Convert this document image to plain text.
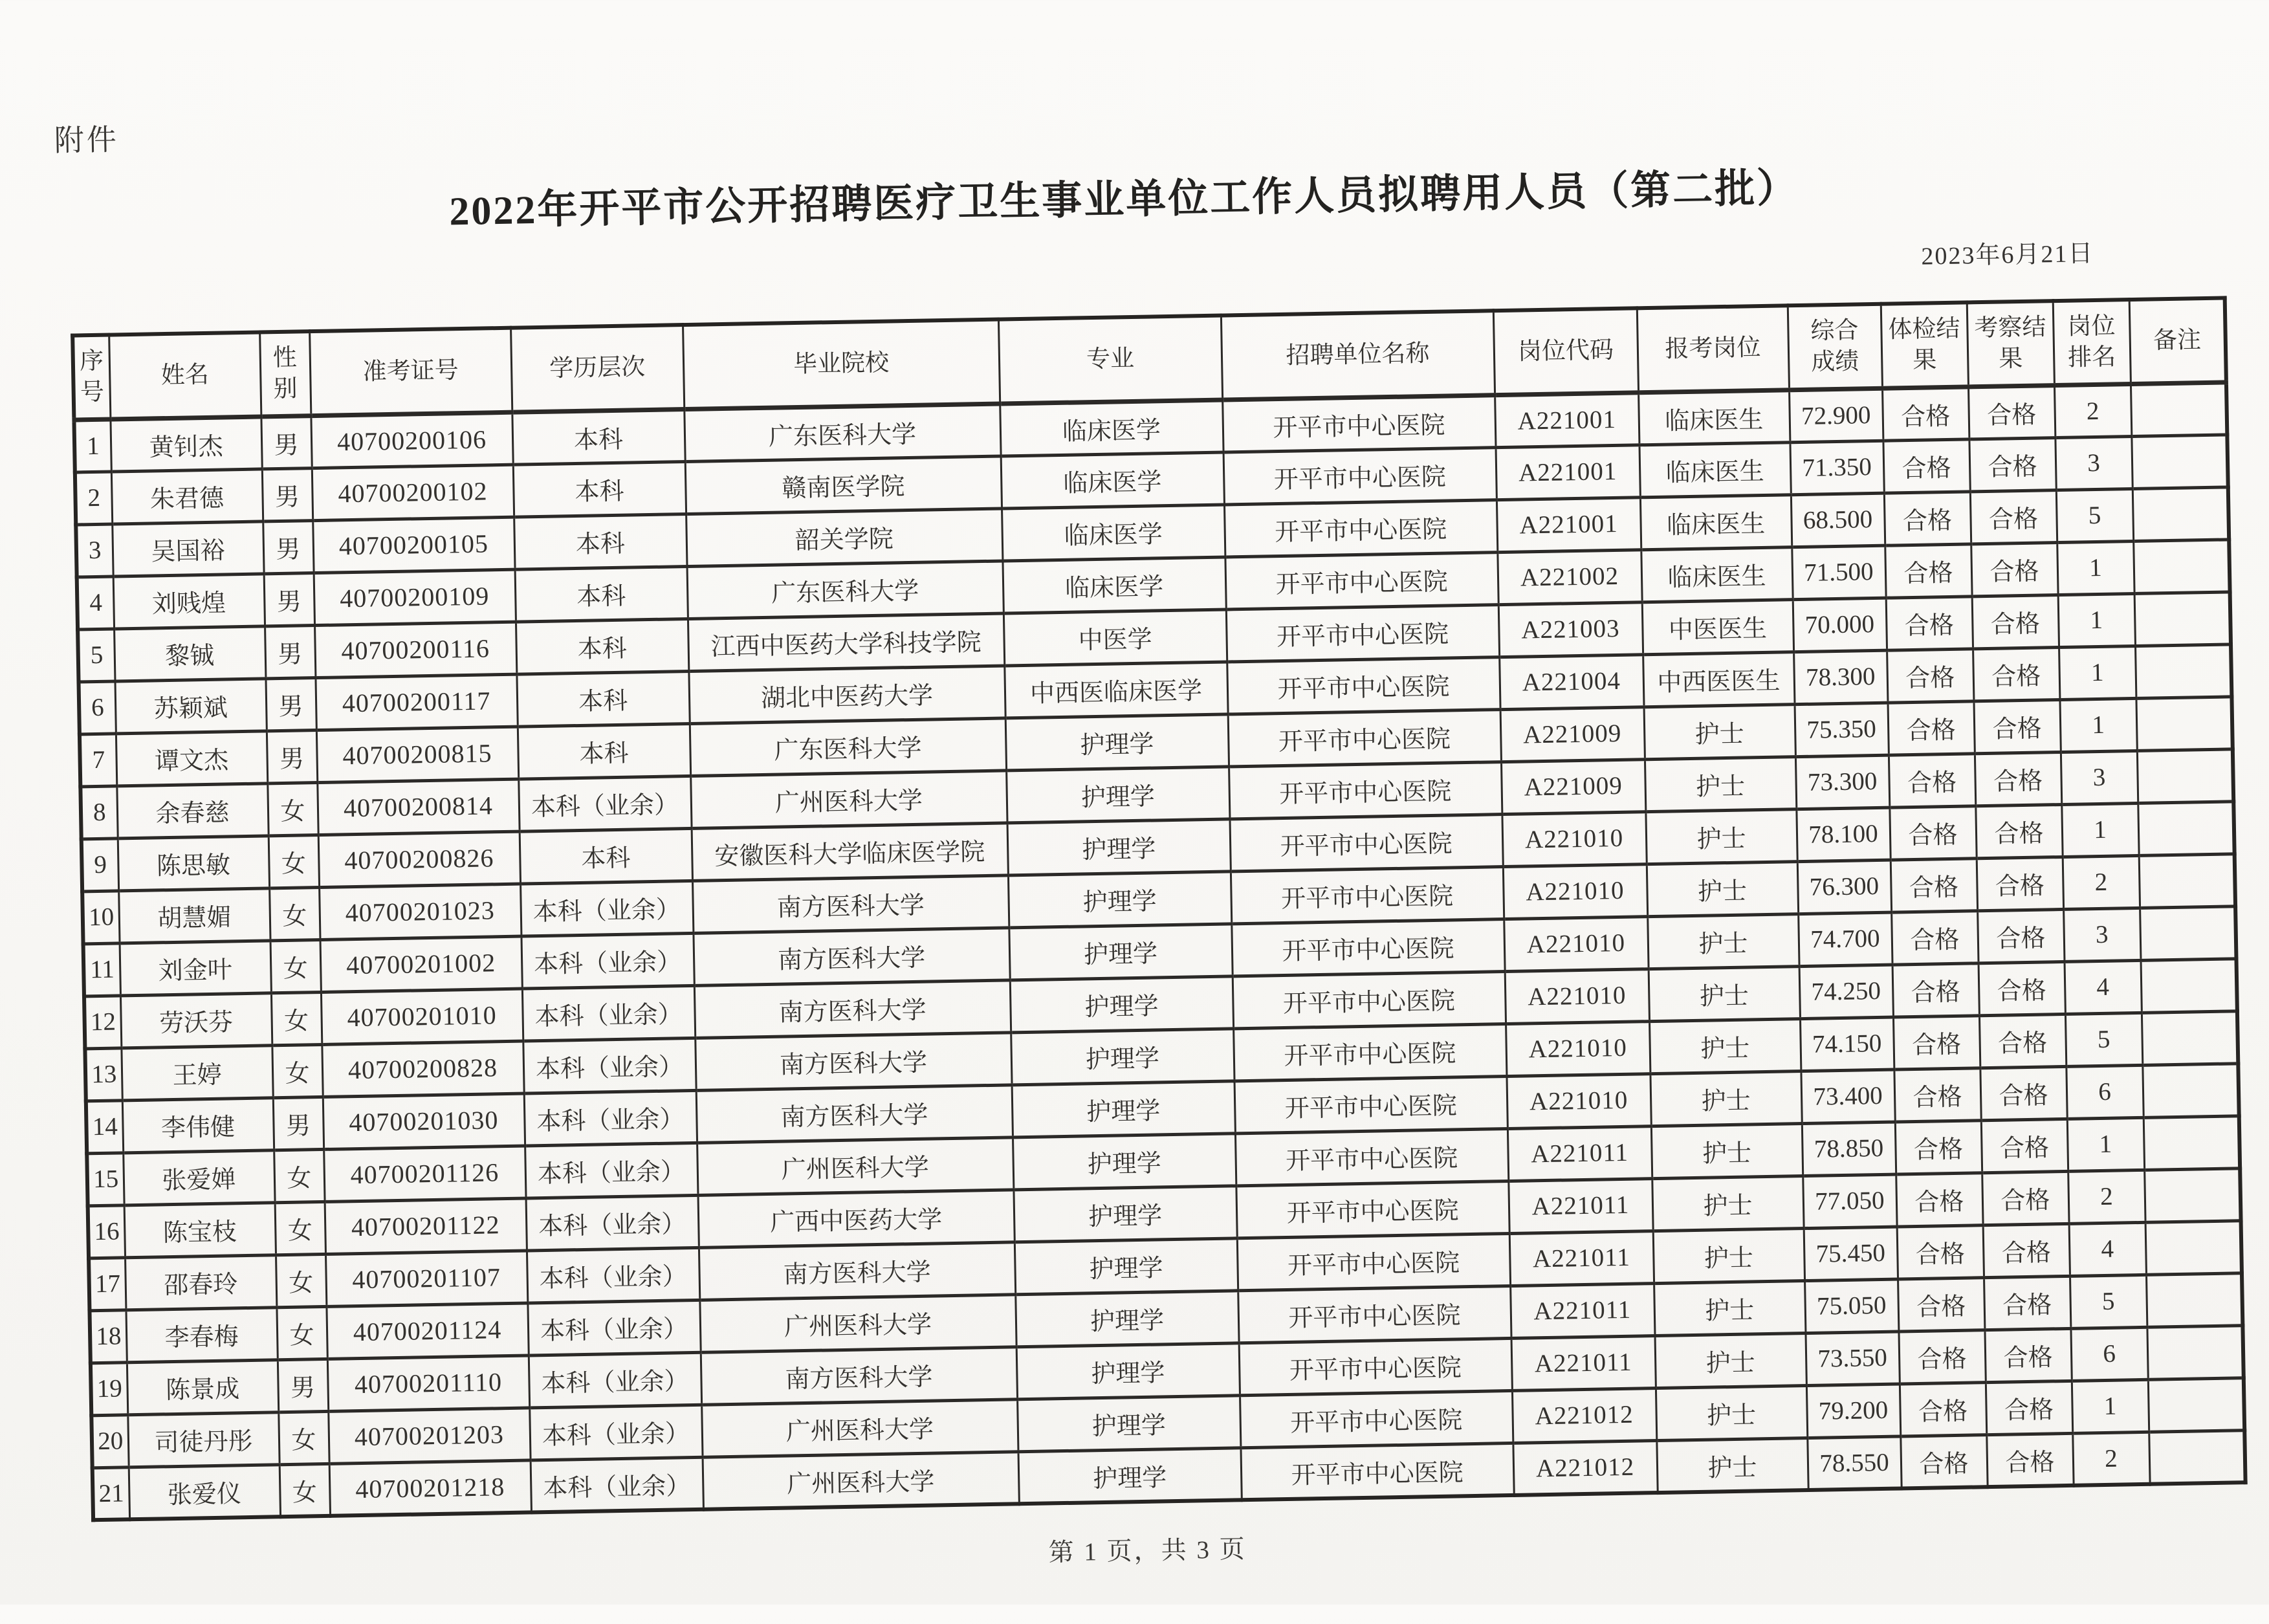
附件
2022年开平市公开招聘医疗卫生事业单位工作人员拟聘用人员（第二批）
2023年6月21日
序
号	姓名	性
别	准考证号	学历层次	毕业院校	专业	招聘单位名称	岗位代码	报考岗位	综合
成绩	体检结
果	考察结
果	岗位
排名	备注
1	黄钊杰	男	40700200106	本科	广东医科大学	临床医学	开平市中心医院	A221001	临床医生	72.900	合格	合格	2	
2	朱君德	男	40700200102	本科	赣南医学院	临床医学	开平市中心医院	A221001	临床医生	71.350	合格	合格	3	
3	吴国裕	男	40700200105	本科	韶关学院	临床医学	开平市中心医院	A221001	临床医生	68.500	合格	合格	5	
4	刘贱煌	男	40700200109	本科	广东医科大学	临床医学	开平市中心医院	A221002	临床医生	71.500	合格	合格	1	
5	黎铖	男	40700200116	本科	江西中医药大学科技学院	中医学	开平市中心医院	A221003	中医医生	70.000	合格	合格	1	
6	苏颖斌	男	40700200117	本科	湖北中医药大学	中西医临床医学	开平市中心医院	A221004	中西医医生	78.300	合格	合格	1	
7	谭文杰	男	40700200815	本科	广东医科大学	护理学	开平市中心医院	A221009	护士	75.350	合格	合格	1	
8	余春慈	女	40700200814	本科（业余）	广州医科大学	护理学	开平市中心医院	A221009	护士	73.300	合格	合格	3	
9	陈思敏	女	40700200826	本科	安徽医科大学临床医学院	护理学	开平市中心医院	A221010	护士	78.100	合格	合格	1	
10	胡慧媚	女	40700201023	本科（业余）	南方医科大学	护理学	开平市中心医院	A221010	护士	76.300	合格	合格	2	
11	刘金叶	女	40700201002	本科（业余）	南方医科大学	护理学	开平市中心医院	A221010	护士	74.700	合格	合格	3	
12	劳沃芬	女	40700201010	本科（业余）	南方医科大学	护理学	开平市中心医院	A221010	护士	74.250	合格	合格	4	
13	王婷	女	40700200828	本科（业余）	南方医科大学	护理学	开平市中心医院	A221010	护士	74.150	合格	合格	5	
14	李伟健	男	40700201030	本科（业余）	南方医科大学	护理学	开平市中心医院	A221010	护士	73.400	合格	合格	6	
15	张爱婵	女	40700201126	本科（业余）	广州医科大学	护理学	开平市中心医院	A221011	护士	78.850	合格	合格	1	
16	陈宝枝	女	40700201122	本科（业余）	广西中医药大学	护理学	开平市中心医院	A221011	护士	77.050	合格	合格	2	
17	邵春玲	女	40700201107	本科（业余）	南方医科大学	护理学	开平市中心医院	A221011	护士	75.450	合格	合格	4	
18	李春梅	女	40700201124	本科（业余）	广州医科大学	护理学	开平市中心医院	A221011	护士	75.050	合格	合格	5	
19	陈景成	男	40700201110	本科（业余）	南方医科大学	护理学	开平市中心医院	A221011	护士	73.550	合格	合格	6	
20	司徒丹彤	女	40700201203	本科（业余）	广州医科大学	护理学	开平市中心医院	A221012	护士	79.200	合格	合格	1	
21	张爱仪	女	40700201218	本科（业余）	广州医科大学	护理学	开平市中心医院	A221012	护士	78.550	合格	合格	2	
第 1 页，共 3 页
